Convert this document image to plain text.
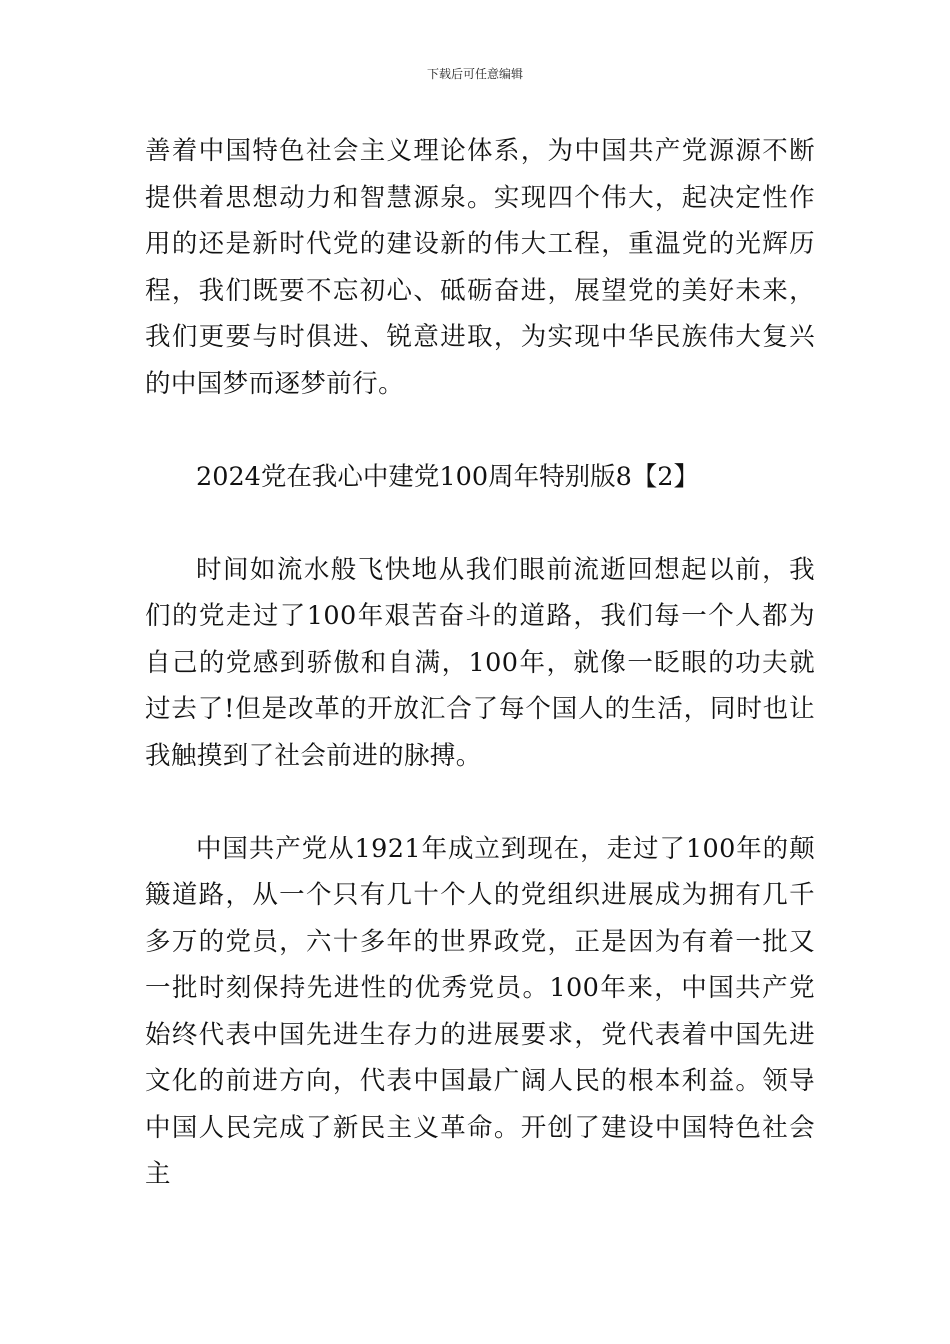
下载后可任意编辑

善着中国特色社会主义理论体系，为中国共产党源源不断提供着思想动力和智慧源泉。实现四个伟大，起决定性作用的还是新时代党的建设新的伟大工程，重温党的光辉历程，我们既要不忘初心、砥砺奋进，展望党的美好未来，我们更要与时俱进、锐意进取，为实现中华民族伟大复兴的中国梦而逐梦前行。

2024党在我心中建党100周年特别版8【2】

时间如流水般飞快地从我们眼前流逝回想起以前，我们的党走过了100年艰苦奋斗的道路，我们每一个人都为自己的党感到骄傲和自满，100年，就像一眨眼的功夫就过去了!但是改革的开放汇合了每个国人的生活，同时也让我触摸到了社会前进的脉搏。

中国共产党从1921年成立到现在，走过了100年的颠簸道路，从一个只有几十个人的党组织进展成为拥有几千多万的党员，六十多年的世界政党，正是因为有着一批又一批时刻保持先进性的优秀党员。100年来，中国共产党始终代表中国先进生存力的进展要求，党代表着中国先进文化的前进方向，代表中国最广阔人民的根本利益。领导中国人民完成了新民主义革命。开创了建设中国特色社会主
